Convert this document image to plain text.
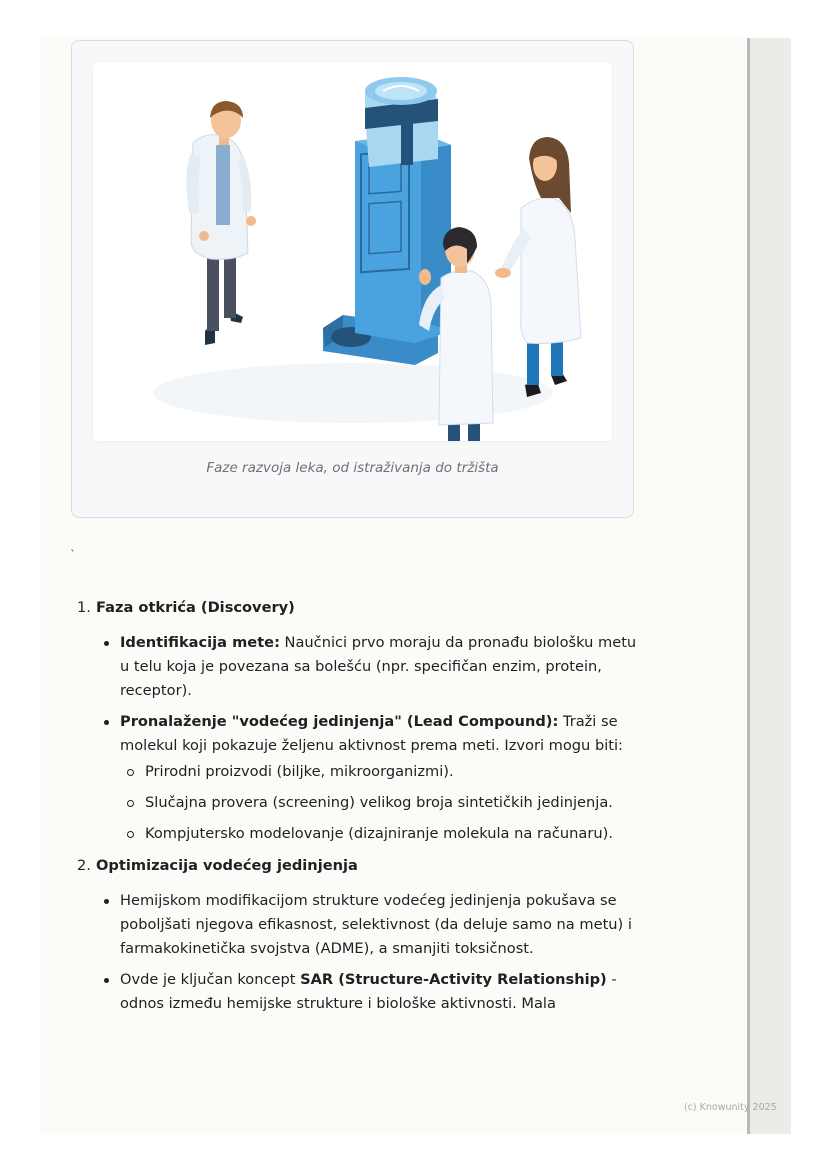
Faze razvoja leka, od istraživanja do tržišta
`
1. Faza otkrića (Discovery)
Identifikacija mete: Naučnici prvo moraju da pronađu biološku metu u telu koja je povezana sa bolešću (npr. specifičan enzim, protein, receptor).
Pronalaženje "vodećeg jedinjenja" (Lead Compound): Traži se molekul koji pokazuje željenu aktivnost prema meti. Izvori mogu biti:
Prirodni proizvodi (biljke, mikroorganizmi).
Slučajna provera (screening) velikog broja sintetičkih jedinjenja.
Kompjutersko modelovanje (dizajniranje molekula na računaru).
2. Optimizacija vodećeg jedinjenja
Hemijskom modifikacijom strukture vodećeg jedinjenja pokušava se poboljšati njegova efikasnost, selektivnost (da deluje samo na metu) i farmakokinetička svojstva (ADME), a smanjiti toksičnost.
Ovde je ključan koncept SAR (Structure-Activity Relationship) - odnos između hemijske strukture i biološke aktivnosti. Mala
(c) Knowunity 2025
